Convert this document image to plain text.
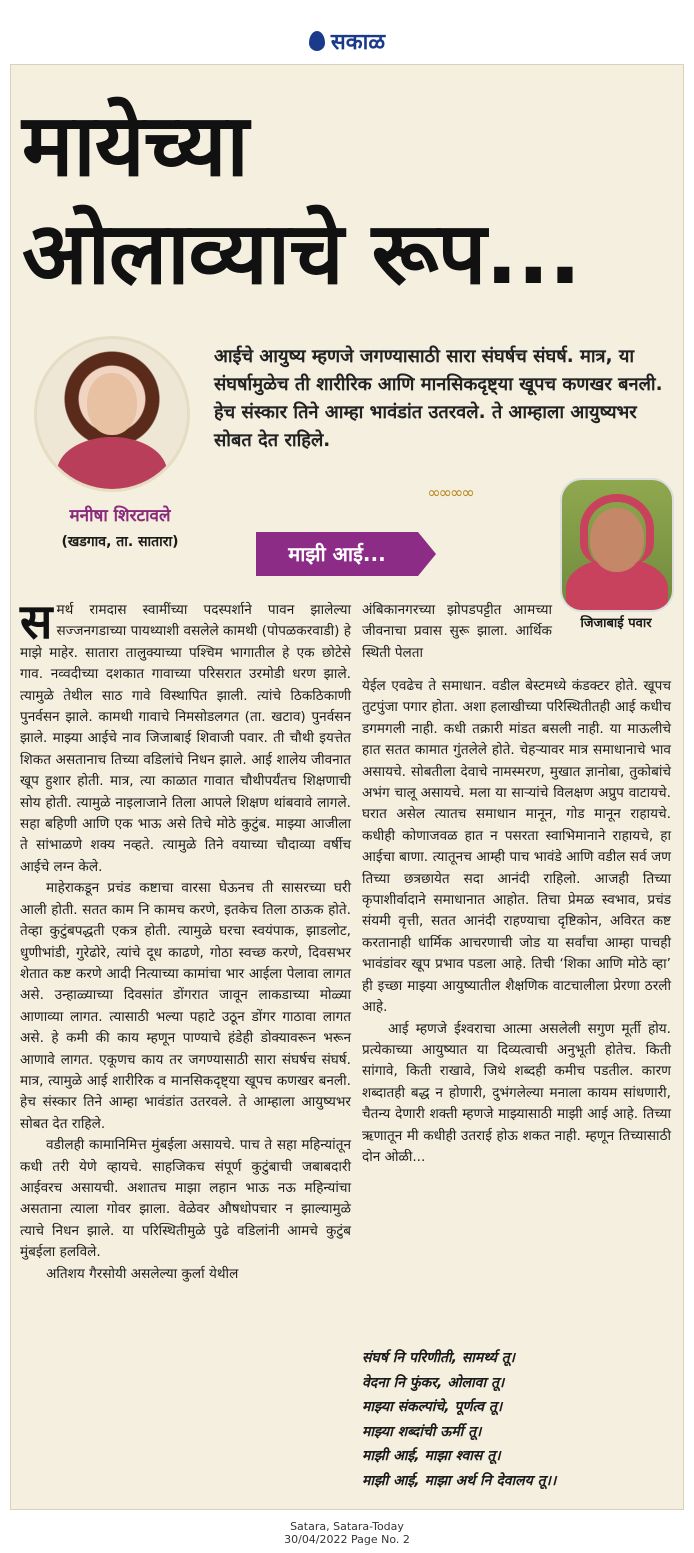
सकाळ
मायेच्या
ओलाव्याचे रूप...
मनीषा शिरटावले
(खडगाव, ता. सातारा)
आईचे आयुष्य म्हणजे जगण्यासाठी सारा संघर्षच संघर्ष. मात्र, या संघर्षामुळेच ती शारीरिक आणि मानसिकदृष्ट्या खूपच कणखर बनली. हेच संस्कार तिने आम्हा भावंडांत उतरवले. ते आम्हाला आयुष्यभर सोबत देत राहिले.
∞∞∞∞
माझी आई...
जिजाबाई पवार

समर्थ रामदास स्वामींच्या पदस्पर्शाने पावन झालेल्या सज्जनगडाच्या पायथ्याशी वसलेले कामथी (पोपळकरवाडी) हे माझे माहेर. सातारा तालुक्याच्या पश्चिम भागातील हे एक छोटेसे गाव. नव्वदीच्या दशकात गावाच्या परिसरात उरमोडी धरण झाले. त्यामुळे तेथील साठ गावे विस्थापित झाली. त्यांचे ठिकठिकाणी पुनर्वसन झाले. कामथी गावाचे निमसोडलगत (ता. खटाव) पुनर्वसन झाले. माझ्या आईचे नाव जिजाबाई शिवाजी पवार. ती चौथी इयत्तेत शिकत असतानाच तिच्या वडिलांचे निधन झाले. आई शालेय जीवनात खूप हुशार होती. मात्र, त्या काळात गावात चौथीपर्यंतच शिक्षणाची सोय होती. त्यामुळे नाइलाजाने तिला आपले शिक्षण थांबवावे लागले. सहा बहिणी आणि एक भाऊ असे तिचे मोठे कुटुंब. माझ्या आजीला ते सांभाळणे शक्य नव्हते. त्यामुळे तिने वयाच्या चौदाव्या वर्षीच आईचे लग्न केले.

माहेराकडून प्रचंड कष्टाचा वारसा घेऊनच ती सासरच्या घरी आली होती. सतत काम नि कामच करणे, इतकेच तिला ठाऊक होते. तेव्हा कुटुंबपद्धती एकत्र होती. त्यामुळे घरचा स्वयंपाक, झाडलोट, धुणीभांडी, गुरेढोरे, त्यांचे दूध काढणे, गोठा स्वच्छ करणे, दिवसभर शेतात कष्ट करणे आदी नित्याच्या कामांचा भार आईला पेलावा लागत असे. उन्हाळ्याच्या दिवसांत डोंगरात जावून लाकडाच्या मोळ्या आणाव्या लागत. त्यासाठी भल्या पहाटे उठून डोंगर गाठावा लागत असे. हे कमी की काय म्हणून पाण्याचे हंडेही डोक्यावरून भरून आणावे लागत. एकूणच काय तर जगण्यासाठी सारा संघर्षच संघर्ष. मात्र, त्यामुळे आई शारीरिक व मानसिकदृष्ट्या खूपच कणखर बनली. हेच संस्कार तिने आम्हा भावंडांत उतरवले. ते आम्हाला आयुष्यभर सोबत देत राहिले.

वडीलही कामानिमित्त मुंबईला असायचे. पाच ते सहा महिन्यांतून कधी तरी येणे व्हायचे. साहजिकच संपूर्ण कुटुंबाची जबाबदारी आईवरच असायची. अशातच माझा लहान भाऊ नऊ महिन्यांचा असताना त्याला गोवर झाला. वेळेवर औषधोपचार न झाल्यामुळे त्याचे निधन झाले. या परिस्थितीमुळे पुढे वडिलांनी आमचे कुटुंब मुंबईला हलविले.

अतिशय गैरसोयी असलेल्या कुर्ला येथील

अंबिकानगरच्या झोपडपट्टीत आमच्या जीवनाचा प्रवास सुरू झाला. आर्थिक स्थिती पेलता

येईल एवढेच ते समाधान. वडील बेस्टमध्ये कंडक्टर होते. खूपच तुटपुंजा पगार होता. अशा हलाखीच्या परिस्थितीतही आई कधीच डगमगली नाही. कधी तक्रारी मांडत बसली नाही. या माऊलीचे हात सतत कामात गुंतलेले होते. चेहऱ्यावर मात्र समाधानाचे भाव असायचे. सोबतीला देवाचे नामस्मरण, मुखात ज्ञानोबा, तुकोबांचे अभंग चालू असायचे. मला या साऱ्यांचे विलक्षण अप्रुप वाटायचे. घरात असेल त्यातच समाधान मानून, गोड मानून राहायचे. कधीही कोणाजवळ हात न पसरता स्वाभिमानाने राहायचे, हा आईचा बाणा. त्यातूनच आम्ही पाच भावंडे आणि वडील सर्व जण तिच्या छत्रछायेत सदा आनंदी राहिलो. आजही तिच्या कृपाशीर्वादाने समाधानात आहोत. तिचा प्रेमळ स्वभाव, प्रचंड संयमी वृत्ती, सतत आनंदी राहण्याचा दृष्टिकोन, अविरत कष्ट करतानाही धार्मिक आचरणाची जोड या सर्वांचा आम्हा पाचही भावंडांवर खूप प्रभाव पडला आहे. तिची ‘शिका आणि मोठे व्हा’ ही इच्छा माझ्या आयुष्यातील शैक्षणिक वाटचालीला प्रेरणा ठरली आहे.

आई म्हणजे ईश्वराचा आत्मा असलेली सगुण मूर्ती होय. प्रत्येकाच्या आयुष्यात या दिव्यत्वाची अनुभूती होतेच. किती सांगावे, किती राखावे, जिथे शब्दही कमीच पडतील. कारण शब्दातही बद्ध न होणारी, दुभंगलेल्या मनाला कायम सांधणारी, चैतन्य देणारी शक्ती म्हणजे माझ्यासाठी माझी आई आहे. तिच्या ऋणातून मी कधीही उतराई होऊ शकत नाही. म्हणून तिच्यासाठी दोन ओळी...

संघर्ष नि परिणीती, सामर्थ्य तू।
वेदना नि फुंकर, ओलावा तू।
माझ्या संकल्पांचे, पूर्णत्व तू।
माझ्या शब्दांची ऊर्मी तू।
माझी आई, माझा श्वास तू।
माझी आई, माझा अर्थ नि देवालय तू।।
Satara, Satara-Today
30/04/2022 Page No. 2
